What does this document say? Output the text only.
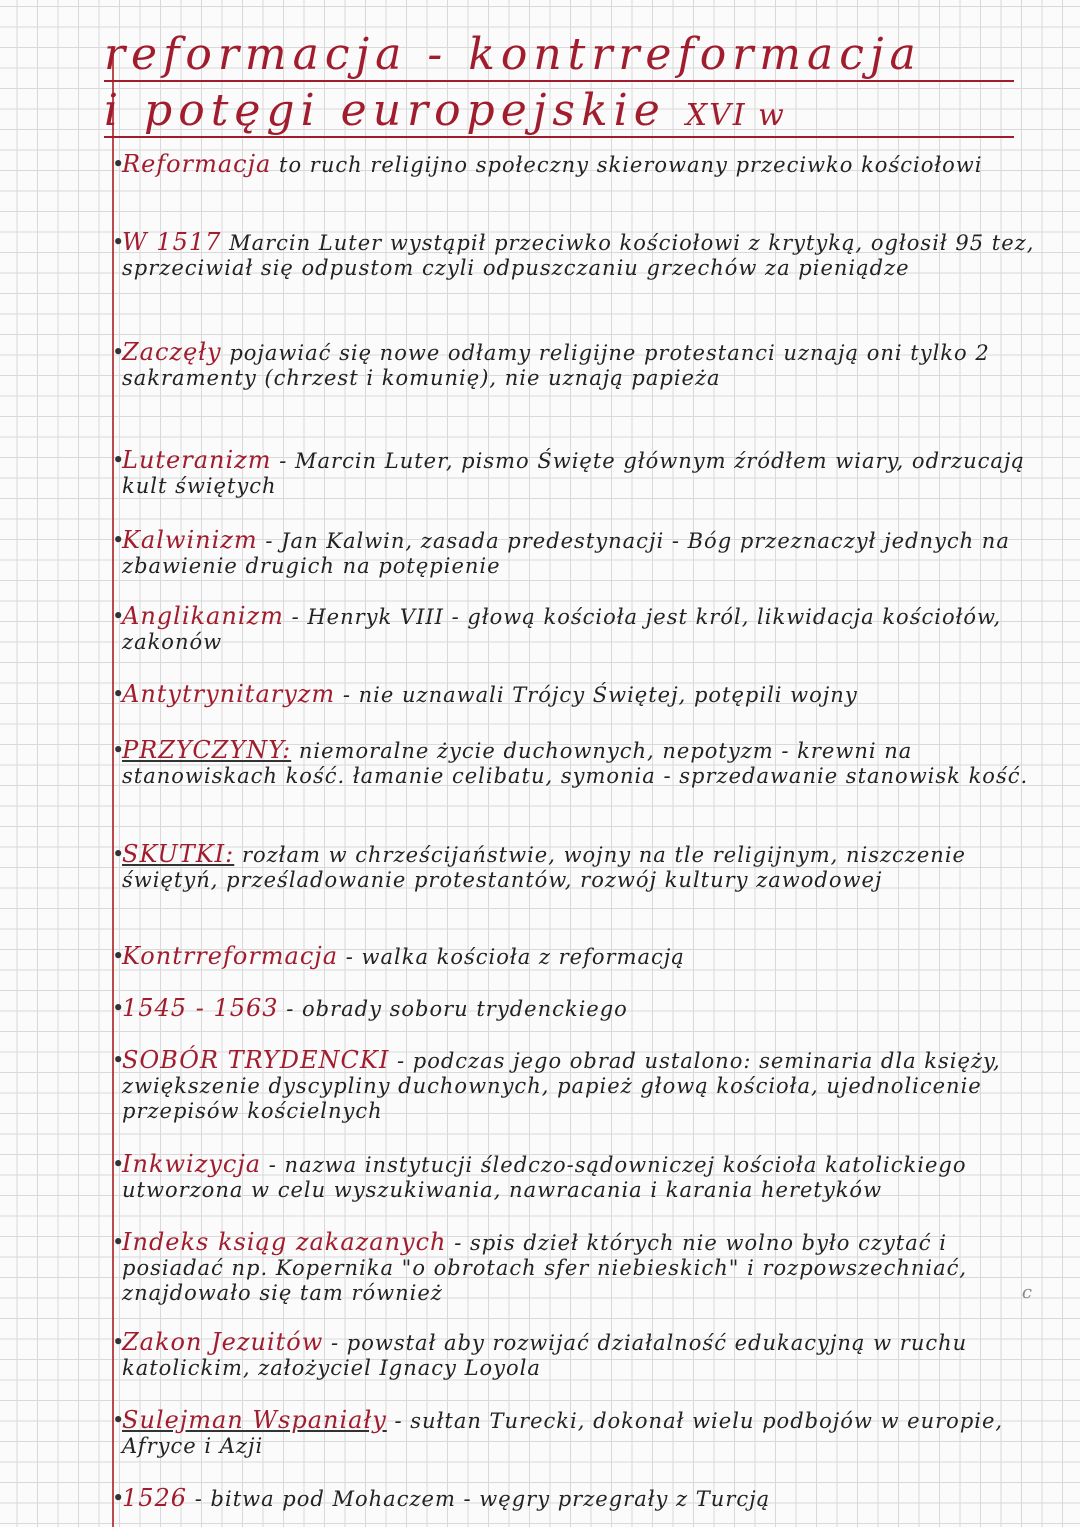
reformacja - kontrreformacja
i potęgi europejskie XVI w
•
Reformacja to ruch religijno społeczny skierowany przeciwko kościołowi
•
W 1517 Marcin Luter wystąpił przeciwko kościołowi z krytyką, ogłosił 95 tez, sprzeciwiał się odpustom czyli odpuszczaniu grzechów za pieniądze
•
Zaczęły pojawiać się nowe odłamy religijne protestanci uznają oni tylko 2 sakramenty (chrzest i komunię), nie uznają papieża
•
Luteranizm - Marcin Luter, pismo Święte głównym źródłem wiary, odrzucają kult świętych
•
Kalwinizm - Jan Kalwin, zasada predestynacji - Bóg przeznaczył jednych na zbawienie drugich na potępienie
•
Anglikanizm - Henryk VIII - głową kościoła jest król, likwidacja kościołów, zakonów
•
Antytrynitaryzm - nie uznawali Trójcy Świętej, potępili wojny
•
PRZYCZYNY: niemoralne życie duchownych, nepotyzm - krewni na stanowiskach kość. łamanie celibatu, symonia - sprzedawanie stanowisk kość.
•
SKUTKI: rozłam w chrześcijaństwie, wojny na tle religijnym, niszczenie świętyń, prześladowanie protestantów, rozwój kultury zawodowej
•
Kontrreformacja - walka kościoła z reformacją
•
1545 - 1563 - obrady soboru trydenckiego
•
SOBÓR TRYDENCKI - podczas jego obrad ustalono: seminaria dla księży, zwiększenie dyscypliny duchownych, papież głową kościoła, ujednolicenie przepisów kościelnych
•
Inkwizycja - nazwa instytucji śledczo-sądowniczej kościoła katolickiego utworzona w celu wyszukiwania, nawracania i karania heretyków
•
Indeks ksiąg zakazanych - spis dzieł których nie wolno było czytać i posiadać np. Kopernika "o obrotach sfer niebieskich" i rozpowszechniać, znajdowało się tam również
•
Zakon Jezuitów - powstał aby rozwijać działalność edukacyjną w ruchu katolickim, założyciel Ignacy Loyola
•
Sulejman Wspaniały - sułtan Turecki, dokonał wielu podbojów w europie, Afryce i Azji
•
1526 - bitwa pod Mohaczem - węgry przegrały z Turcją
c
